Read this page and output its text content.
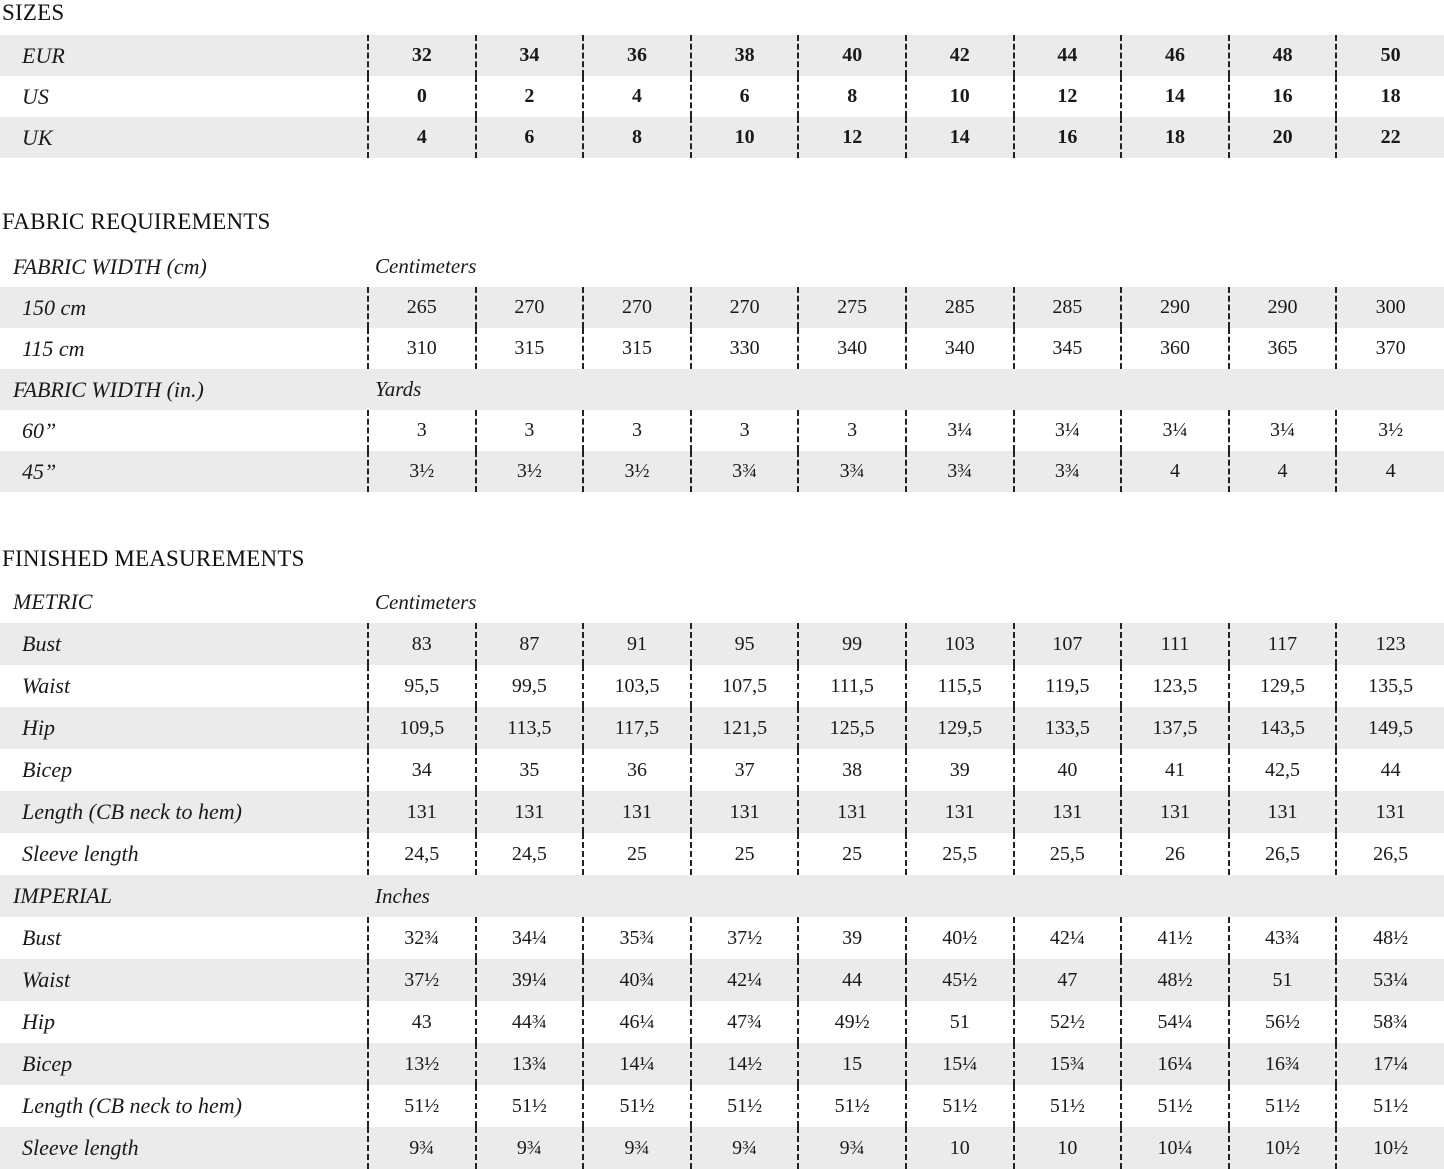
SIZES
EUR	32	34	36	38	40	42	44	46	48	50
US	0	2	4	6	8	10	12	14	16	18
UK	4	6	8	10	12	14	16	18	20	22
FABRIC REQUIREMENTS
FABRIC WIDTH (cm)	Centimeters									
150 cm	265	270	270	270	275	285	285	290	290	300
115 cm	310	315	315	330	340	340	345	360	365	370
FABRIC WIDTH (in.)	Yards									
60”	3	3	3	3	3	3¼	3¼	3¼	3¼	3½
45”	3½	3½	3½	3¾	3¾	3¾	3¾	4	4	4
FINISHED MEASUREMENTS
METRIC	Centimeters									
Bust	83	87	91	95	99	103	107	111	117	123
Waist	95,5	99,5	103,5	107,5	111,5	115,5	119,5	123,5	129,5	135,5
Hip	109,5	113,5	117,5	121,5	125,5	129,5	133,5	137,5	143,5	149,5
Bicep	34	35	36	37	38	39	40	41	42,5	44
Length (CB neck to hem)	131	131	131	131	131	131	131	131	131	131
Sleeve length	24,5	24,5	25	25	25	25,5	25,5	26	26,5	26,5
IMPERIAL	Inches									
Bust	32¾	34¼	35¾	37½	39	40½	42¼	41½	43¾	48½
Waist	37½	39¼	40¾	42¼	44	45½	47	48½	51	53¼
Hip	43	44¾	46¼	47¾	49½	51	52½	54¼	56½	58¾
Bicep	13½	13¾	14¼	14½	15	15¼	15¾	16¼	16¾	17¼
Length (CB neck to hem)	51½	51½	51½	51½	51½	51½	51½	51½	51½	51½
Sleeve length	9¾	9¾	9¾	9¾	9¾	10	10	10¼	10½	10½
